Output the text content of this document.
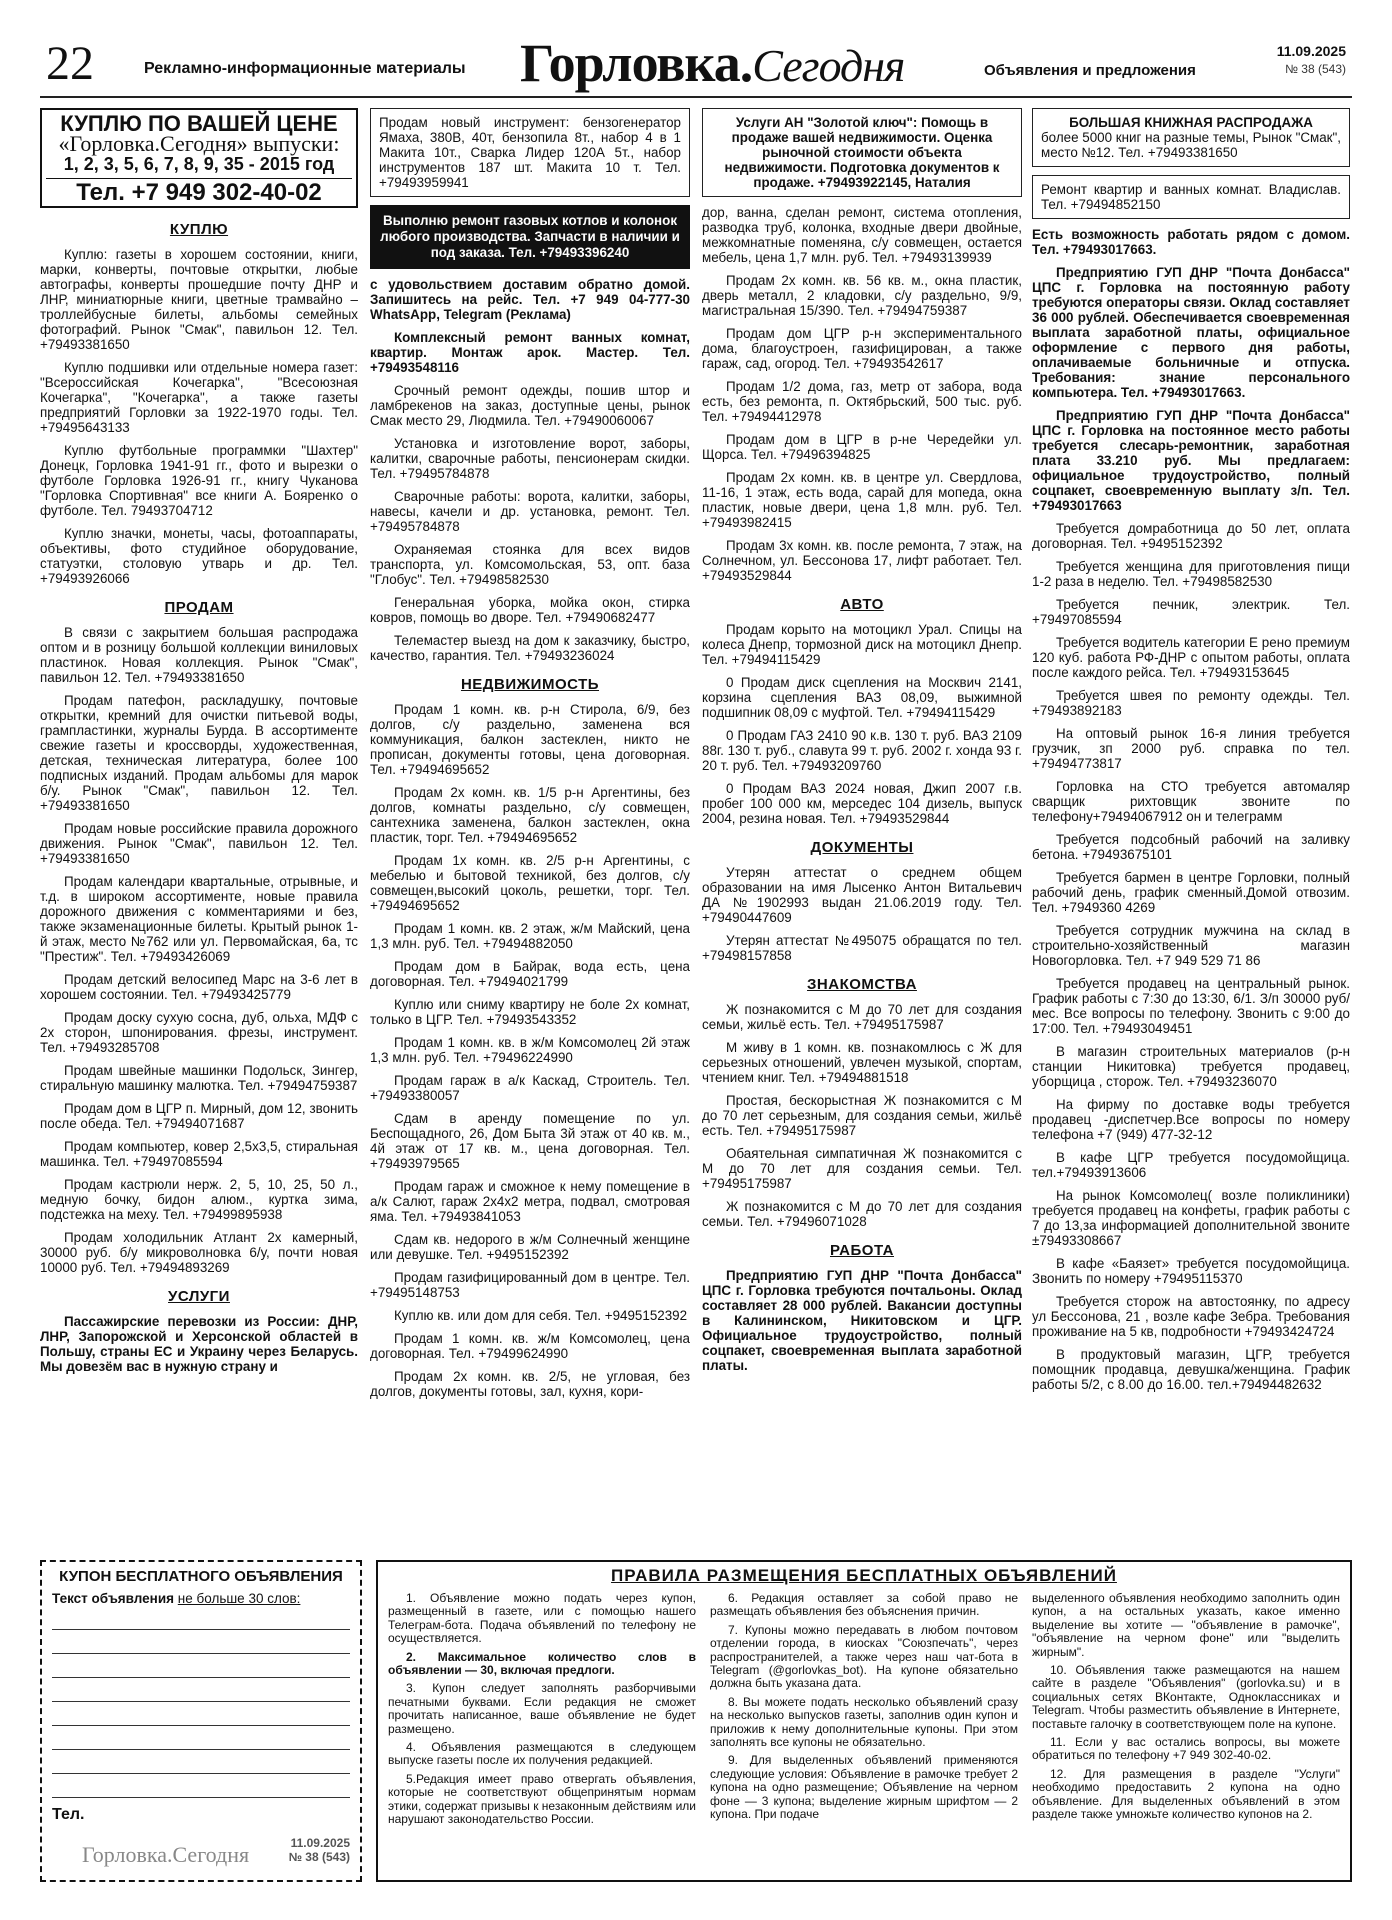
22	Рекламно-информационные материалы Горловка.Сегодня	Объявления и предложения
11.09.2025
№ 38 (543)
КУПЛЮ ПО ВАШЕЙ ЦЕНЕ
«Горловка.Сегодня» выпуски:
1, 2, 3, 5, 6, 7, 8, 9, 35 - 2015 год
Тел. +7 949 302-40-02
КУПЛЮ

Куплю: газеты в хорошем состоянии, книги, марки, конверты, почтовые открытки, любые автографы, конверты прошедшие почту ДНР и ЛНР, миниатюрные книги, цветные трамвайно – троллейбусные билеты, альбомы семейных фотографий. Рынок "Смак", павильон 12. Тел. +79493381650

Куплю подшивки или отдельные номера газет: "Всероссийская Кочегарка", "Всесоюзная Кочегарка", "Кочегарка", а также газеты предприятий Горловки за 1922-1970 годы. Тел. +79495643133

Куплю футбольные программки "Шахтер" Донецк, Горловка 1941-91 гг., фото и вырезки о футболе Горловка 1926-91 гг., книгу Чуканова "Горловка Спортивная" все книги А. Бояренко о футболе. Тел. 79493704712

Куплю значки, монеты, часы, фотоаппараты, объективы, фото студийное оборудование, статуэтки, столовую утварь и др. Тел. +79493926066

ПРОДАМ

В связи с закрытием большая распродажа оптом и в розницу большой коллекции виниловых пластинок. Новая коллекция. Рынок "Смак", павильон 12. Тел. +79493381650

Продам патефон, раскладушку, почтовые открытки, кремний для очистки питьевой воды, грампластинки, журналы Бурда. В ассортименте свежие газеты и кроссворды, художественная, детская, техническая литература, более 100 подписных изданий. Продам альбомы для марок б/у. Рынок "Смак", павильон 12. Тел. +79493381650

Продам новые российские правила дорожного движения. Рынок "Смак", павильон 12. Тел. +79493381650

Продам календари квартальные, отрывные, и т.д. в широком ассортименте, новые правила дорожного движения с комментариями и без, также экзаменационные билеты. Крытый рынок 1-й этаж, место №762 или ул. Первомайская, 6а, тс "Престиж". Тел. +79493426069

Продам детский велосипед Марс на 3-6 лет в хорошем состоянии. Тел. +79493425779

Продам доску сухую сосна, дуб, ольха, МДФ с 2х сторон, шпонирования. фрезы, инструмент. Тел. +79493285708

Продам швейные машинки Подольск, Зингер, стиральную машинку малютка. Тел. +79494759387

Продам дом в ЦГР п. Мирный, дом 12, звонить после обеда. Тел. +79494071687

Продам компьютер, ковер 2,5х3,5, стиральная машинка. Тел. +79497085594

Продам кастрюли нерж. 2, 5, 10, 25, 50 л., медную бочку, бидон алюм., куртка зима, подстежка на меху. Тел. +79499895938

Продам холодильник Атлант 2х камерный, 30000 руб. б/у микроволновка 6/у, почти новая 10000 руб. Тел. +79494893269

УСЛУГИ

Пассажирские перевозки из России: ДНР, ЛНР, Запорожской и Херсонской областей в Польшу, страны ЕС и Украину через Беларусь. Мы довезём вас в нужную страну и

Продам новый инструмент: бензогенератор Ямаха, 380В, 40т, бензопила 8т., набор 4 в 1 Макита 10т., Сварка Лидер 120А 5т., набор инструментов 187 шт. Макита 10 т. Тел. +79493959941
Выполню ремонт газовых котлов и колонок любого производства. Запчасти в наличии и под заказа. Тел. +79493396240

с удовольствием доставим обратно домой. Запишитесь на рейс. Тел. +7 949 04-777-30 WhatsApp, Telegram (Реклама)

Комплексный ремонт ванных комнат, квартир. Монтаж арок. Мастер. Тел. +79493548116

Срочный ремонт одежды, пошив штор и ламбрекенов на заказ, доступные цены, рынок Смак место 29, Людмила. Тел. +79490060067

Установка и изготовление ворот, заборы, калитки, сварочные работы, пенсионерам скидки. Тел. +79495784878

Сварочные работы: ворота, калитки, заборы, навесы, качели и др. установка, ремонт. Тел. +79495784878

Охраняемая стоянка для всех видов транспорта, ул. Комсомольская, 53, опт. база "Глобус". Тел. +79498582530

Генеральная уборка, мойка окон, стирка ковров, помощь во дворе. Тел. +79490682477

Телемастер выезд на дом к заказчику, быстро, качество, гарантия. Тел. +79493236024

НЕДВИЖИМОСТЬ

Продам 1 комн. кв. р-н Стирола, 6/9, без долгов, с/у раздельно, заменена вся коммуникация, балкон застеклен, никто не прописан, документы готовы, цена договорная. Тел. +79494695652

Продам 2х комн. кв. 1/5 р-н Аргентины, без долгов, комнаты раздельно, с/у совмещен, сантехника заменена, балкон застеклен, окна пластик, торг. Тел. +79494695652

Продам 1х комн. кв. 2/5 р-н Аргентины, с мебелью и бытовой техникой, без долгов, с/у совмещен,высокий цоколь, решетки, торг. Тел. +79494695652

Продам 1 комн. кв. 2 этаж, ж/м Майский, цена 1,3 млн. руб. Тел. +79494882050

Продам дом в Байрак, вода есть, цена договорная. Тел. +79494021799

Куплю или сниму квартиру не боле 2х комнат, только в ЦГР. Тел. +79493543352

Продам 1 комн. кв. в ж/м Комсомолец 2й этаж 1,3 млн. руб. Тел. +79496224990

Продам гараж в а/к Каскад, Строитель. Тел. +79493380057

Сдам в аренду помещение по ул. Беспощадного, 26, Дом Быта 3й этаж от 40 кв. м., 4й этаж от 17 кв. м., цена договорная. Тел. +79493979565

Продам гараж и сможное к нему помещение в а/к Салют, гараж 2х4х2 метра, подвал, смотровая яма. Тел. +79493841053

Сдам кв. недорого в ж/м Солнечный женщине или девушке. Тел. +9495152392

Продам газифицированный дом в центре. Тел. +79495148753

Куплю кв. или дом для себя. Тел. +9495152392

Продам 1 комн. кв. ж/м Комсомолец, цена договорная. Тел. +79499624990

Продам 2х комн. кв. 2/5, не угловая, без долгов, документы готовы, зал, кухня, кори-

Услуги АН "Золотой ключ": Помощь в продаже вашей недвижимости. Оценка рыночной стоимости объекта недвижимости. Подготовка документов к продаже. +79493922145, Наталия

дор, ванна, сделан ремонт, система отопления, разводка труб, колонка, входные двери двойные, межкомнатные поменяна, с/у совмещен, остается мебель, цена 1,7 млн. руб. Тел. +79493139939

Продам 2х комн. кв. 56 кв. м., окна пластик, дверь металл, 2 кладовки, с/у раздельно, 9/9, магистральная 15/390. Тел. +79494759387

Продам дом ЦГР р-н экспериментального дома, благоустроен, газифицирован, а также гараж, сад, огород. Тел. +79493542617

Продам 1/2 дома, газ, метр от забора, вода есть, без ремонта, п. Октябрьский, 500 тыс. руб. Тел. +79494412978

Продам дом в ЦГР в р-не Чередейки ул. Щорса. Тел. +79496394825

Продам 2х комн. кв. в центре ул. Свердлова, 11-16, 1 этаж, есть вода, сарай для мопеда, окна пластик, новые двери, цена 1,8 млн. руб. Тел. +79493982415

Продам 3х комн. кв. после ремонта, 7 этаж, на Солнечном, ул. Бессонова 17, лифт работает. Тел. +79493529844

АВТО

Продам корыто на мотоцикл Урал. Спицы на колеса Днепр, тормозной диск на мотоцикл Днепр. Тел. +79494115429

0 Продам диск сцепления на Москвич 2141, корзина сцепления ВАЗ 08,09, выжимной подшипник 08,09 с муфтой. Тел. +79494115429

0 Продам ГАЗ 2410 90 к.в. 130 т. руб. ВАЗ 2109 88г. 130 т. руб., славута 99 т. руб. 2002 г. хонда 93 г. 20 т. руб. Тел. +79493209760

0 Продам ВАЗ 2024 новая, Джип 2007 г.в. пробег 100 000 км, мерседес 104 дизель, выпуск 2004, резина новая. Тел. +79493529844

ДОКУМЕНТЫ

Утерян аттестат о среднем общем образовании на имя Лысенко Антон Витальевич ДА №1902993 выдан 21.06.2019 году. Тел. +79490447609

Утерян аттестат №495075 обращатся по тел. +79498157858

ЗНАКОМСТВА

Ж познакомится с М до 70 лет для создания семьи, жильё есть. Тел. +79495175987

М живу в 1 комн. кв. познакомлюсь с Ж для серьезных отношений, увлечен музыкой, спортам, чтением книг. Тел. +79494881518

Простая, бескорыстная Ж познакомится с М до 70 лет серьезным, для создания семьи, жильё есть. Тел. +79495175987

Обаятельная симпатичная Ж познакомится с М до 70 лет для создания семьи. Тел. +79495175987

Ж познакомится с М до 70 лет для создания семьи. Тел. +79496071028

РАБОТА

Предприятию ГУП ДНР "Почта Донбасса" ЦПС г. Горловка требуются почтальоны. Оклад составляет 28 000 рублей. Вакансии доступны в Калининском, Никитовском и ЦГР. Официальное трудоустройство, полный соцпакет, своевременная выплата заработной платы.

БОЛЬШАЯ КНИЖНАЯ РАСПРОДАЖА
более 5000 книг на разные темы, Рынок "Смак", место №12. Тел. +79493381650
Ремонт квартир и ванных комнат. Владислав. Тел. +79494852150

Есть возможность работать рядом с домом. Тел. +79493017663.

Предприятию ГУП ДНР "Почта Донбасса" ЦПС г. Горловка на постоянную работу требуются операторы связи. Оклад составляет 36 000 рублей. Обеспечивается своевременная выплата заработной платы, официальное оформление с первого дня работы, оплачиваемые больничные и отпуска. Требования: знание персонального компьютера. Тел. +79493017663.

Предприятию ГУП ДНР "Почта Донбасса" ЦПС г. Горловка на постоянное место работы требуется слесарь-ремонтник, заработная плата 33.210 руб. Мы предлагаем: официальное трудоустройство, полный соцпакет, своевременную выплату з/п. Тел. +79493017663

Требуется домработница до 50 лет, оплата договорная. Тел. +9495152392

Требуется женщина для приготовления пищи 1-2 раза в неделю. Тел. +79498582530

Требуется печник, электрик. Тел. +79497085594

Требуется водитель категории Е рено премиум 120 куб. работа РФ-ДНР с опытом работы, оплата после каждого рейса. Тел. +79493153645

Требуется швея по ремонту одежды. Тел. +79493892183

На оптовый рынок 16-я линия требуется грузчик, зп 2000 руб. справка по тел. +79494773817

Горловка на СТО требуется автомаляр сварщик рихтовщик звоните по телефону+79494067912 он и телеграмм

Требуется подсобный рабочий на заливку бетона. +79493675101

Требуется бармен в центре Горловки, полный рабочий день, график сменный.Домой отвозим. Тел. +7949360 4269

Требуется сотрудник мужчина на склад в строительно-хозяйственный магазин Новогорловка. Тел. +7 949 529 71 86

Требуется продавец на центральный рынок. График работы с 7:30 до 13:30, 6/1. З/п 30000 руб/ мес. Все вопросы по телефону. Звонить с 9:00 до 17:00. Тел. +79493049451

В магазин строительных материалов (р-н станции Никитовка) требуется продавец, уборщица , сторож. Тел. +79493236070

На фирму по доставке воды требуется продавец -диспетчер.Все вопросы по номеру телефона +7 (949) 477-32-12

В кафе ЦГР требуется посудомойщица. тел.+79493913606

На рынок Комсомолец( возле поликлиники) требуется продавец на конфеты, график работы с 7 до 13,за информацией дополнительной звоните ±79493308667

В кафе «Баязет» требуется посудомойщица. Звонить по номеру +79495115370

Требуется сторож на автостоянку, по адресу ул Бессонова, 21 , возле кафе Зебра. Требования проживание на 5 кв, подробности +79493424724

В продуктовый магазин, ЦГР, требуется помощник продавца, девушка/женщина. График работы 5/2, с 8.00 до 16.00. тел.+79494482632

КУПОН БЕСПЛАТНОГО ОБЪЯВЛЕНИЯ
Текст объявления не больше 30 слов:
Тел.
Горловка.Сегодня	11.09.2025
№ 38 (543)
ПРАВИЛА РАЗМЕЩЕНИЯ БЕСПЛАТНЫХ ОБЪЯВЛЕНИЙ

1. Объявление можно подать через купон, размещенный в газете, или с помощью нашего Телеграм-бота. Подача объявлений по телефону не осуществляется.

2. Максимальное количество слов в объявлении — 30, включая предлоги.

3. Купон следует заполнять разборчивыми печатными буквами. Если редакция не сможет прочитать написанное, ваше объявление не будет размещено.

4. Объявления размещаются в следующем выпуске газеты после их получения редакцией.

5.Редакция имеет право отвергать объявления, которые не соответствуют общепринятым нормам этики, содержат призывы к незаконным действиям или нарушают законодательство России.

6. Редакция оставляет за собой право не размещать объявления без объяснения причин.

7. Купоны можно передавать в любом почтовом отделении города, в киосках "Союзпечать", через распространителей, а также через наш чат-бота в Telegram (@gorlovkas_bot). На купоне обязательно должна быть указана дата.

8. Вы можете подать несколько объявлений сразу на несколько выпусков газеты, заполнив один купон и приложив к нему дополнительные купоны. При этом заполнять все купоны не обязательно.

9. Для выделенных объявлений применяются следующие условия: Объявление в рамочке требует 2 купона на одно размещение; Объявление на черном фоне — 3 купона; выделение жирным шрифтом — 2 купона. При подаче

выделенного объявления необходимо заполнить один купон, а на остальных указать, какое именно выделение вы хотите — "объявление в рамочке", "объявление на черном фоне" или "выделить жирным".

10. Объявления также размещаются на нашем сайте в разделе "Объявления" (gorlovka.su) и в социальных сетях ВКонтакте, Одноклассниках и Telegram. Чтобы разместить объявление в Интернете, поставьте галочку в соответствующем поле на купоне.

11. Если у вас остались вопросы, вы можете обратиться по телефону +7 949 302-40-02.

12. Для размещения в разделе "Услуги" необходимо предоставить 2 купона на одно объявление. Для выделенных объявлений в этом разделе также умножьте количество купонов на 2.
